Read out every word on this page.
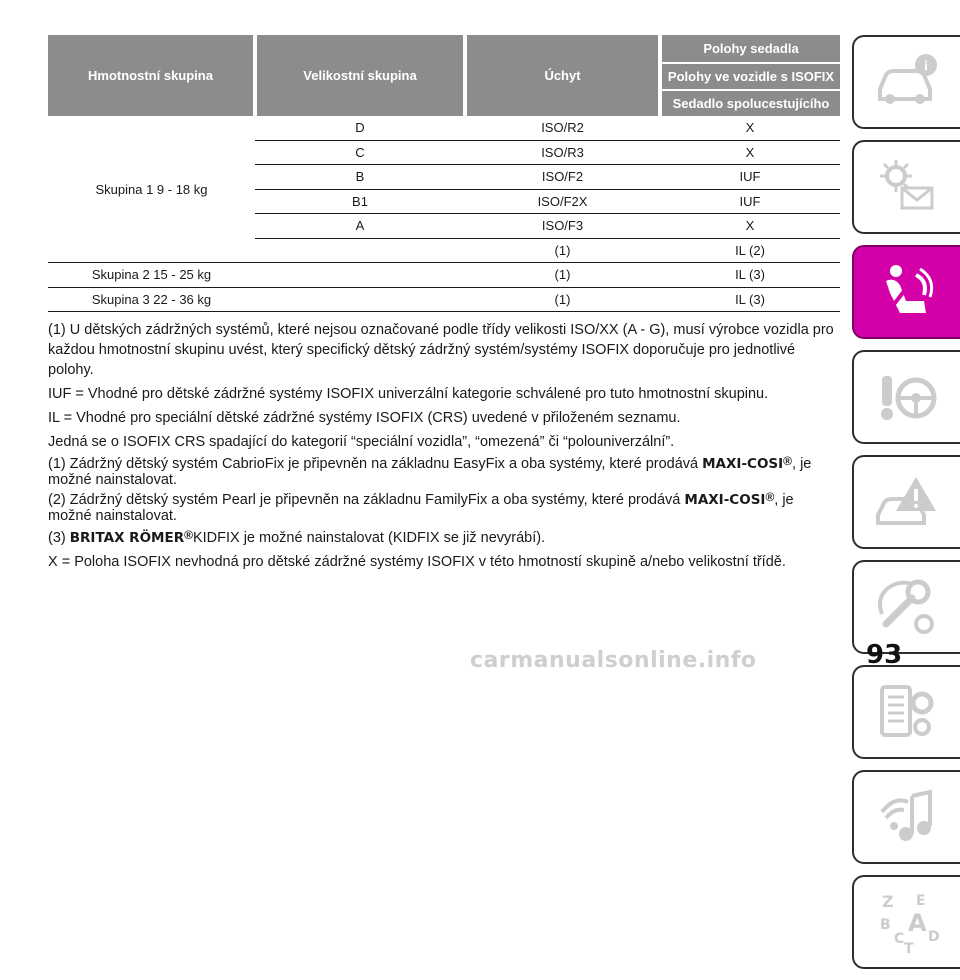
Hmotnostní skupina	Velikostní skupina	Úchyt	Polohy sedadla
			Polohy ve vozidle s ISOFIX
			Sedadlo spolucestujícího
Skupina 1 9 - 18 kg	D	ISO/R2	X
	C	ISO/R3	X
	B	ISO/F2	IUF
	B1	ISO/F2X	IUF
	A	ISO/F3	X
		(1)	IL (2)
Skupina 2 15 - 25 kg		(1)	IL (3)
Skupina 3 22 - 36 kg		(1)	IL (3)

(1) U dětských zádržných systémů, které nejsou označované podle třídy velikosti ISO/XX (A - G), musí výrobce vozidla pro každou hmotnostní skupinu uvést, který specifický dětský zádržný systém/systémy ISOFIX doporučuje pro jednotlivé polohy.

IUF = Vhodné pro dětské zádržné systémy ISOFIX univerzální kategorie schválené pro tuto hmotnostní skupinu.

IL = Vhodné pro speciální dětské zádržné systémy ISOFIX (CRS) uvedené v přiloženém seznamu.

Jedná se o ISOFIX CRS spadající do kategorií “speciální vozidla”, “omezená” či “polouniverzální”.

(1) Zádržný dětský systém CabrioFix je připevněn na základnu EasyFix a oba systémy, které prodává MAXI-COSI®, je možné nainstalovat.

(2) Zádržný dětský systém Pearl je připevněn na základnu FamilyFix a oba systémy, které prodává MAXI-COSI®, je možné nainstalovat.

(3) BRITAX RÖMER®KIDFIX je možné nainstalovat (KIDFIX se již nevyrábí).

X = Poloha ISOFIX nevhodná pro dětské zádržné systémy ISOFIX v této hmotností skupině a/nebo velikostní třídě.

i
Z E
B A
C D
T
carmanualsonline.info	93
